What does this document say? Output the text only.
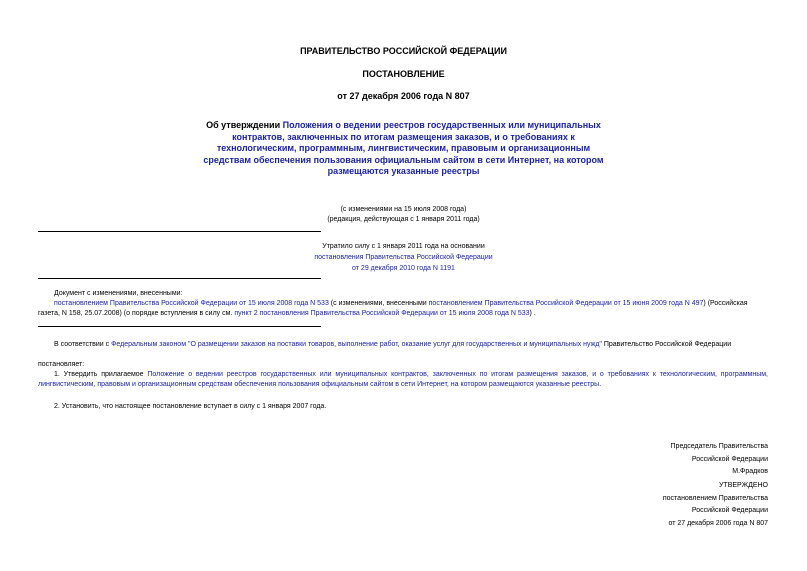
ПРАВИТЕЛЬСТВО РОССИЙСКОЙ ФЕДЕРАЦИИ
ПОСТАНОВЛЕНИЕ
от 27 декабря 2006 года N 807
Об утверждении Положения о ведении реестров государственных или муниципальных контрактов, заключенных по итогам размещения заказов, и о требованиях к технологическим, программным, лингвистическим, правовым и организационным средствам обеспечения пользования официальным сайтом в сети Интернет, на котором размещаются указанные реестры
(с изменениями на 15 июля 2008 года)
(редакция, действующая с 1 января 2011 года)
Утратило силу с 1 января 2011 года на основании
постановления Правительства Российской Федерации
от 29 декабря 2010 года N 1191
Документ с изменениями, внесенными:
постановлением Правительства Российской Федерации от 15 июля 2008 года N 533 (с изменениями, внесенными постановлением Правительства Российской Федерации от 15 июня 2009 года N 497) (Российская газета, N 158, 25.07.2008) (о порядке вступления в силу см. пункт 2 постановления Правительства Российской Федерации от 15 июля 2008 года N 533) .
В соответствии с Федеральным законом "О размещении заказов на поставки товаров, выполнение работ, оказание услуг для государственных и муниципальных нужд" Правительство Российской Федерации
постановляет:
1. Утвердить прилагаемое Положение о ведении реестров государственных или муниципальных контрактов, заключенных по итогам размещения заказов, и о требованиях к технологическим, программным, лингвистическим, правовым и организационным средствам обеспечения пользования официальным сайтом в сети Интернет, на котором размещаются указанные реестры.
2. Установить, что настоящее постановление вступает в силу с 1 января 2007 года.
Председатель Правительства
Российской Федерации
М.Фрадков
УТВЕРЖДЕНО
постановлением Правительства
Российской Федерации
от 27 декабря 2006 года N 807
